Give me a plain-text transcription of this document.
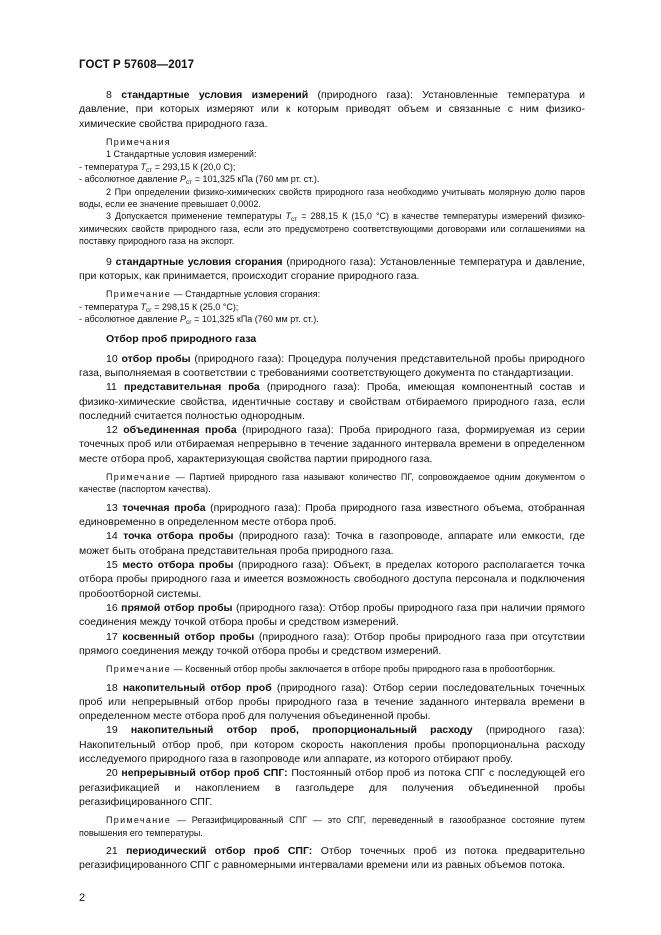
ГОСТ Р 57608—2017

8 стандартные условия измерений (природного газа): Установленные температура и давление, при которых измеряют или к которым приводят объем и связанные с ним физико-химические свойства природного газа.

Примечания

1 Стандартные условия измерений:

- температура $T_{ст} = 293,15$ К (20,0 С);

- абсолютное давление $P_{ст} = 101,325$ кПа (760 мм рт. ст.).

2 При определении физико-химических свойств природного газа необходимо учитывать молярную долю паров воды, если ее значение превышает 0,0002.

3 Допускается применение температуры $T_{ст} = 288,15$ К (15,0 °С) в качестве температуры измерений физико-химических свойств природного газа, если это предусмотрено соответствующими договорами или соглашениями на поставку природного газа на экспорт.

9 стандартные условия сгорания (природного газа): Установленные температура и давление, при которых, как принимается, происходит сгорание природного газа.

Примечание — Стандартные условия сгорания:

- температура $T_{сг} = 298,15$ К (25,0 °С);

- абсолютное давление $P_{сг} = 101,325$ кПа (760 мм рт. ст.).

Отбор проб природного газа

10 отбор пробы (природного газа): Процедура получения представительной пробы природного газа, выполняемая в соответствии с требованиями соответствующего документа по стандартизации.

11 представительная проба (природного газа): Проба, имеющая компонентный состав и физико-химические свойства, идентичные составу и свойствам отбираемого природного газа, если последний считается полностью однородным.

12 объединенная проба (природного газа): Проба природного газа, формируемая из серии точечных проб или отбираемая непрерывно в течение заданного интервала времени в определенном месте отбора проб, характеризующая свойства партии природного газа.

Примечание — Партией природного газа называют количество ПГ, сопровождаемое одним документом о качестве (паспортом качества).

13 точечная проба (природного газа): Проба природного газа известного объема, отобранная единовременно в определенном месте отбора проб.

14 точка отбора пробы (природного газа): Точка в газопроводе, аппарате или емкости, где может быть отобрана представительная проба природного газа.

15 место отбора пробы (природного газа): Объект, в пределах которого располагается точка отбора пробы природного газа и имеется возможность свободного доступа персонала и подключения пробоотборной системы.

16 прямой отбор пробы (природного газа): Отбор пробы природного газа при наличии прямого соединения между точкой отбора пробы и средством измерений.

17 косвенный отбор пробы (природного газа): Отбор пробы природного газа при отсутствии прямого соединения между точкой отбора пробы и средством измерений.

Примечание — Косвенный отбор пробы заключается в отборе пробы природного газа в пробоотборник.

18 накопительный отбор проб (природного газа): Отбор серии последовательных точечных проб или непрерывный отбор пробы природного газа в течение заданного интервала времени в определенном месте отбора проб для получения объединенной пробы.

19 накопительный отбор проб, пропорциональный расходу (природного газа): Накопительный отбор проб, при котором скорость накопления пробы пропорциональна расходу исследуемого природного газа в газопроводе или аппарате, из которого отбирают пробу.

20 непрерывный отбор проб СПГ: Постоянный отбор проб из потока СПГ с последующей его регазификацией и накоплением в газгольдере для получения объединенной пробы регазифицированного СПГ.

Примечание — Регазифицированный СПГ — это СПГ, переведенный в газообразное состояние путем повышения его температуры.

21 периодический отбор проб СПГ: Отбор точечных проб из потока предварительно регазифицированного СПГ с равномерными интервалами времени или из равных объемов потока.

2
